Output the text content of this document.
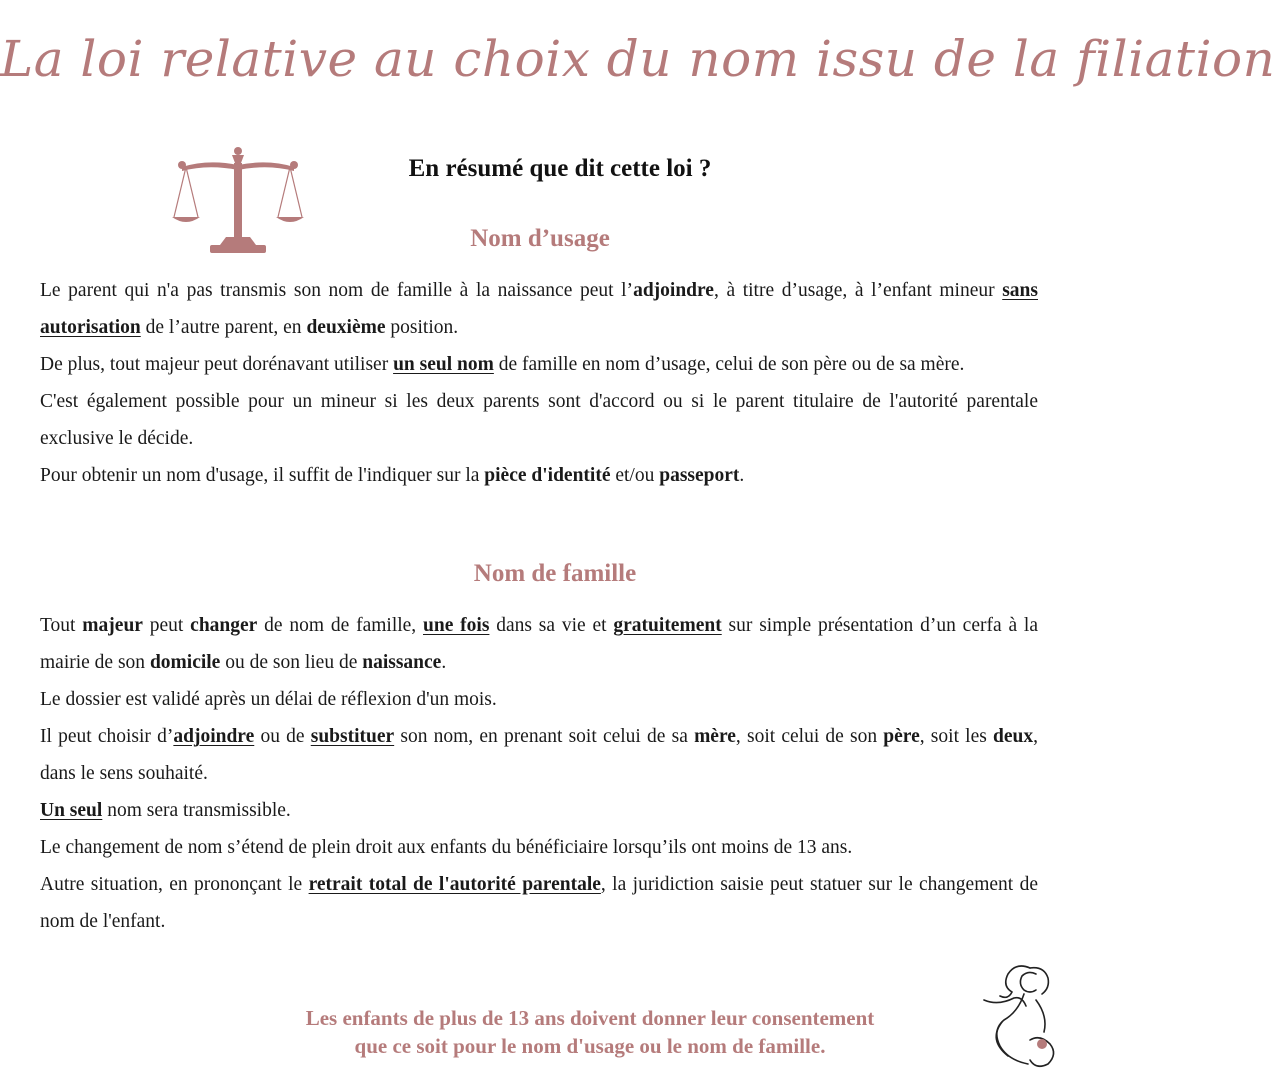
La loi relative au choix du nom issu de la filiation
En résumé que dit cette loi ?
Nom d’usage
Le parent qui n'a pas transmis son nom de famille à la naissance peut l’adjoindre, à titre d’usage, à l’enfant mineur sans autorisation de l’autre parent, en deuxième position.
De plus, tout majeur peut dorénavant utiliser un seul nom de famille en nom d’usage, celui de son père ou de sa mère.
C'est également possible pour un mineur si les deux parents sont d'accord ou si le parent titulaire de l'autorité parentale exclusive le décide.
Pour obtenir un nom d'usage, il suffit de l'indiquer sur la pièce d'identité et/ou passeport.
Nom de famille
Tout majeur peut changer de nom de famille, une fois dans sa vie et gratuitement sur simple présentation d’un cerfa à la mairie de son domicile ou de son lieu de naissance.
Le dossier est validé après un délai de réflexion d'un mois.
Il peut choisir d’adjoindre ou de substituer son nom, en prenant soit celui de sa mère, soit celui de son père, soit les deux, dans le sens souhaité.
Un seul nom sera transmissible.
Le changement de nom s’étend de plein droit aux enfants du bénéficiaire lorsqu’ils ont moins de 13 ans.
Autre situation, en prononçant le retrait total de l'autorité parentale, la juridiction saisie peut statuer sur le changement de nom de l'enfant.
Les enfants de plus de 13 ans doivent donner leur consentement
que ce soit pour le nom d'usage ou le nom de famille.
